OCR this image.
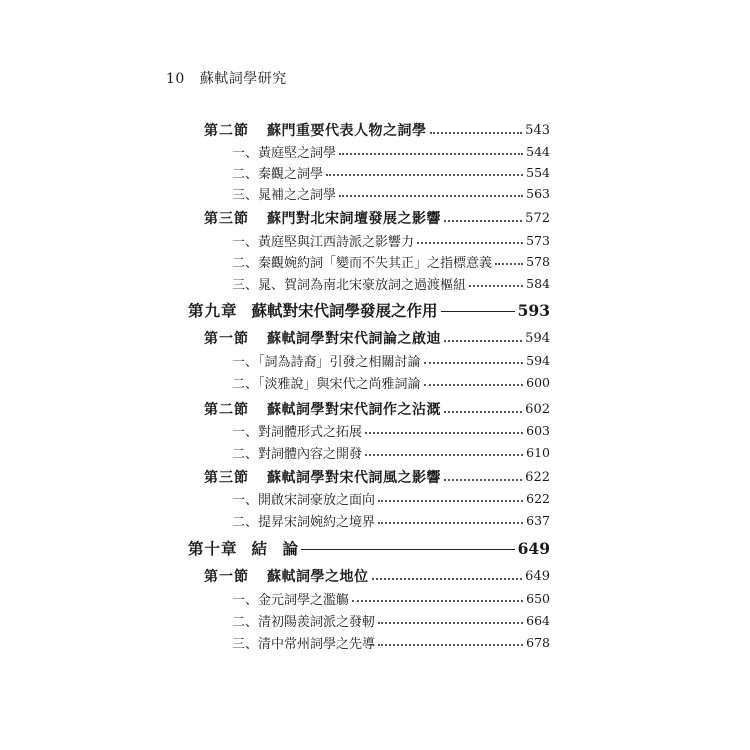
10 蘇軾詞學研究
第二節 蘇門重要代表人物之詞學	543
一、黃庭堅之詞學	544
二、秦觀之詞學	554
三、晁補之之詞學	563
第三節 蘇門對北宋詞壇發展之影響	572
一、黃庭堅與江西詩派之影響力	573
二、秦觀婉約詞「變而不失其正」之指標意義	578
三、晁、賀詞為南北宋豪放詞之過渡樞紐	584
第九章 蘇軾對宋代詞學發展之作用	593
第一節 蘇軾詞學對宋代詞論之啟迪	594
一、「詞為詩裔」引發之相關討論	594
二、「淡雅說」與宋代之尚雅詞論	600
第二節 蘇軾詞學對宋代詞作之沾溉	602
一、對詞體形式之拓展	603
二、對詞體內容之開發	610
第三節 蘇軾詞學對宋代詞風之影響	622
一、開啟宋詞豪放之面向	622
二、提昇宋詞婉約之境界	637
第十章 結　論	649
第一節 蘇軾詞學之地位	649
一、金元詞學之濫觴	650
二、清初陽羨詞派之發軔	664
三、清中常州詞學之先導	678
